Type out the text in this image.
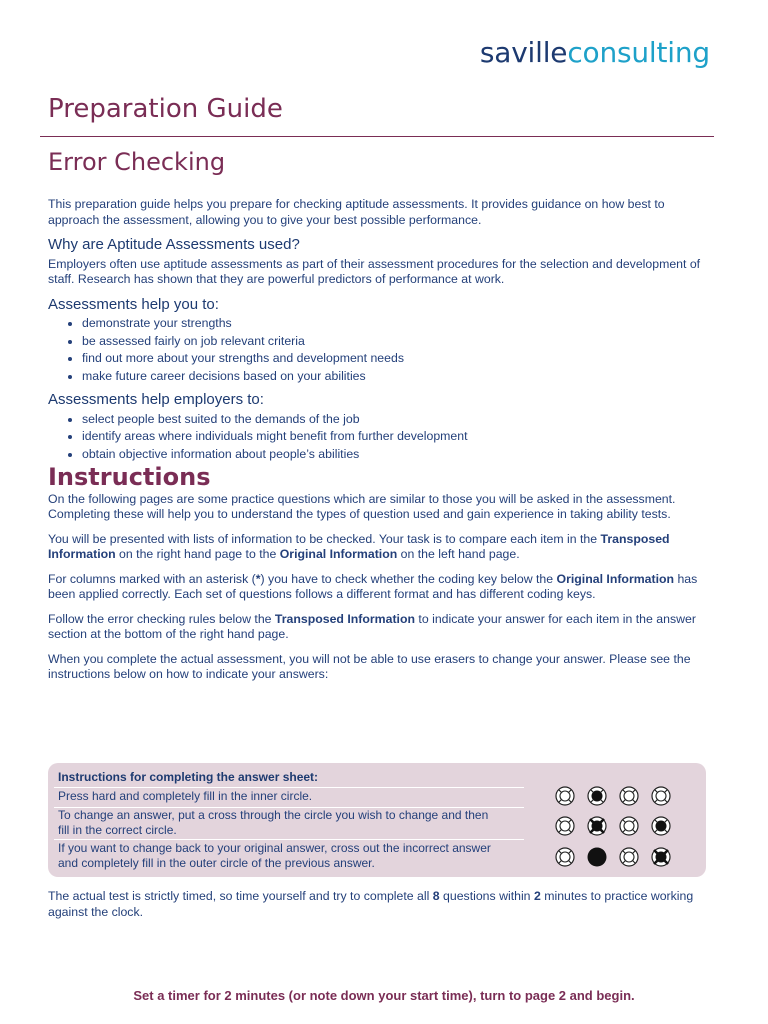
savilleconsulting
Preparation Guide
Error Checking

This preparation guide helps you prepare for checking aptitude assessments. It provides guidance on how best to approach the assessment, allowing you to give your best possible performance.

Why are Aptitude Assessments used?

Employers often use aptitude assessments as part of their assessment procedures for the selection and development of staff. Research has shown that they are powerful predictors of performance at work.

Assessments help you to:
• demonstrate your strengths
• be assessed fairly on job relevant criteria
• find out more about your strengths and development needs
• make future career decisions based on your abilities
Assessments help employers to:
• select people best suited to the demands of the job
• identify areas where individuals might benefit from further development
• obtain objective information about people’s abilities
Instructions

On the following pages are some practice questions which are similar to those you will be asked in the assessment. Completing these will help you to understand the types of question used and gain experience in taking ability tests.

You will be presented with lists of information to be checked. Your task is to compare each item in the Transposed Information on the right hand page to the Original Information on the left hand page.

For columns marked with an asterisk (*) you have to check whether the coding key below the Original Information has been applied correctly. Each set of questions follows a different format and has different coding keys.

Follow the error checking rules below the Transposed Information to indicate your answer for each item in the answer section at the bottom of the right hand page.

When you complete the actual assessment, you will not be able to use erasers to change your answer. Please see the instructions below on how to indicate your answers:

Instructions for completing the answer sheet:
Press hard and completely fill in the inner circle.
To change an answer, put a cross through the circle you wish to change and then fill in the correct circle.
If you want to change back to your original answer, cross out the incorrect answer and completely fill in the outer circle of the previous answer.
The actual test is strictly timed, so time yourself and try to complete all 8 questions within 2 minutes to practice working against the clock.
Set a timer for 2 minutes (or note down your start time), turn to page 2 and begin.
